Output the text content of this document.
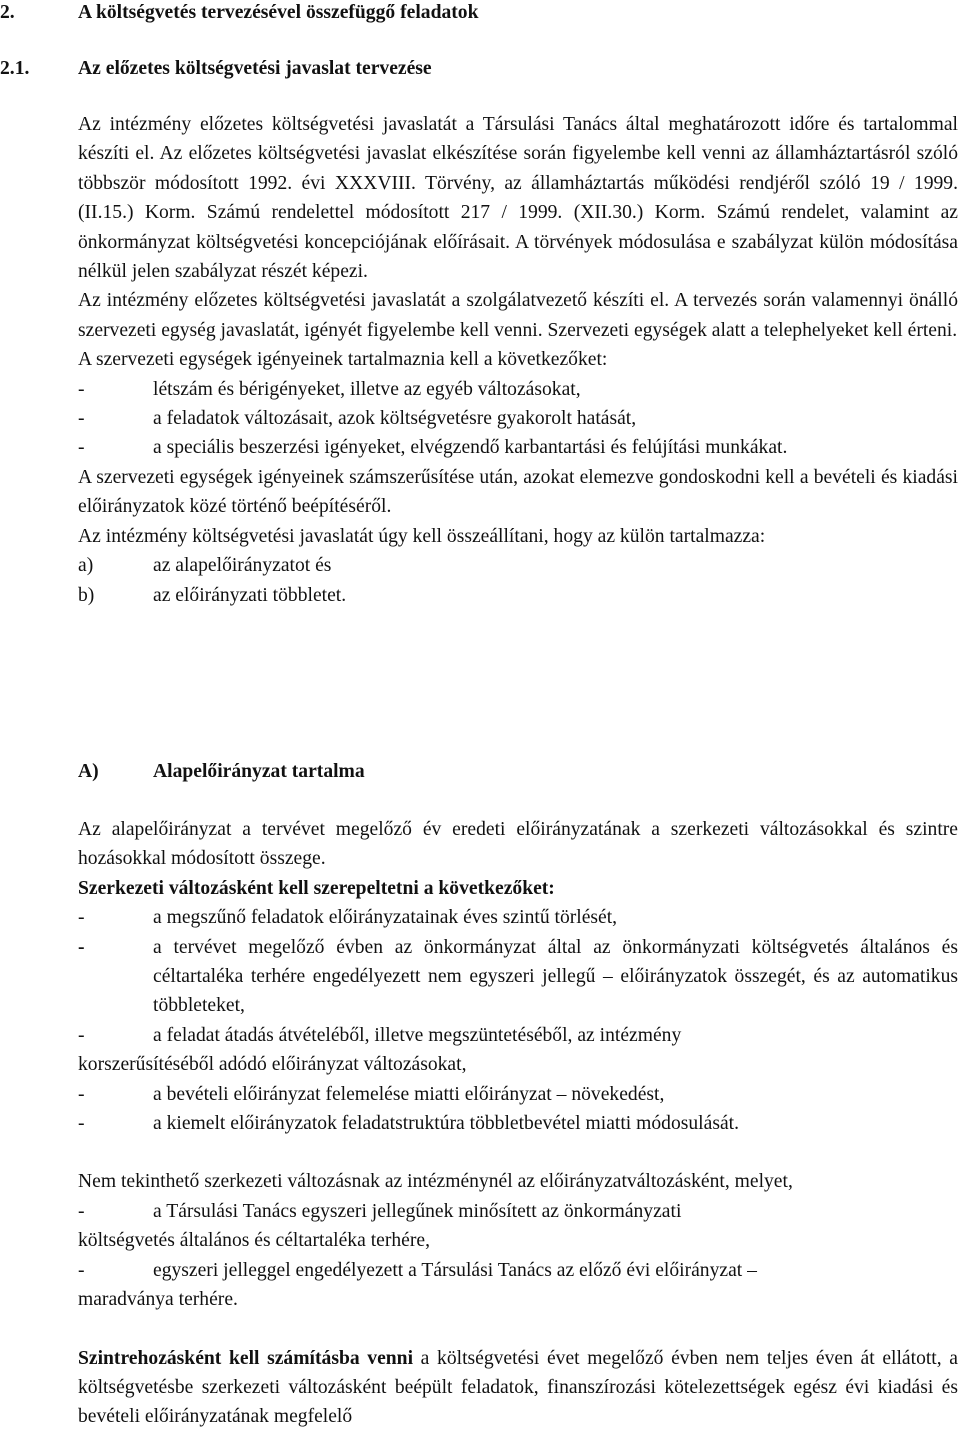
2.	A költségvetés tervezésével összefüggő feladatok
2.1. Az előzetes költségvetési javaslat tervezése

Az intézmény előzetes költségvetési javaslatát a Társulási Tanács által meghatározott időre és tartalommal készíti el. Az előzetes költségvetési javaslat elkészítése során figyelembe kell venni az államháztartásról szóló többször módosított 1992. évi XXXVIII. Törvény, az államháztartás működési rendjéről szóló 19 / 1999. (II.15.) Korm. Számú rendelettel módosított 217 / 1999. (XII.30.) Korm. Számú rendelet, valamint az önkormányzat költségvetési koncepciójának előírásait. A törvények módosulása e szabályzat külön módosítása nélkül jelen szabályzat részét képezi.

Az intézmény előzetes költségvetési javaslatát a szolgálatvezető készíti el. A tervezés során valamennyi önálló szervezeti egység javaslatát, igényét figyelembe kell venni. Szervezeti egységek alatt a telephelyeket kell érteni.

A szervezeti egységek igényeinek tartalmaznia kell a következőket:

-	létszám és bérigényeket, illetve az egyéb változásokat,
-	a feladatok változásait, azok költségvetésre gyakorolt hatását,
-	a speciális beszerzési igényeket, elvégzendő karbantartási és felújítási munkákat.

A szervezeti egységek igényeinek számszerűsítése után, azokat elemezve gondoskodni kell a bevételi és kiadási előirányzatok közé történő beépítéséről.

Az intézmény költségvetési javaslatát úgy kell összeállítani, hogy az külön tartalmazza:

a)	az alapelőirányzatot és
b)	az előirányzati többletet.
A)	Alapelőirányzat tartalma

Az alapelőirányzat a tervévet megelőző év eredeti előirányzatának a szerkezeti változásokkal és szintre hozásokkal módosított összege.

Szerkezeti változásként kell szerepeltetni a következőket:

-	a megszűnő feladatok előirányzatainak éves szintű törlését,
-	a tervévet megelőző évben az önkormányzat által az önkormányzati költségvetés általános és céltartaléka terhére engedélyezett nem egyszeri jellegű – előirányzatok összegét, és az automatikus többleteket,
-	a feladat átadás átvételéből, illetve megszüntetéséből, az intézmény
korszerűsítéséből adódó előirányzat változásokat,
-	a bevételi előirányzat felemelése miatti előirányzat – növekedést,
-	a kiemelt előirányzatok feladatstruktúra többletbevétel miatti módosulását.

Nem tekinthető szerkezeti változásnak az intézménynél az előirányzatváltozásként, melyet,

-	a Társulási Tanács egyszeri jellegűnek minősített az önkormányzati
költségvetés általános és céltartaléka terhére,
-	egyszeri jelleggel engedélyezett a Társulási Tanács az előző évi előirányzat –
maradványa terhére.

Szintrehozásként kell számításba venni a költségvetési évet megelőző évben nem teljes éven át ellátott, a költségvetésbe szerkezeti változásként beépült feladatok, finanszírozási kötelezettségek egész évi kiadási és bevételi előirányzatának megfelelő
